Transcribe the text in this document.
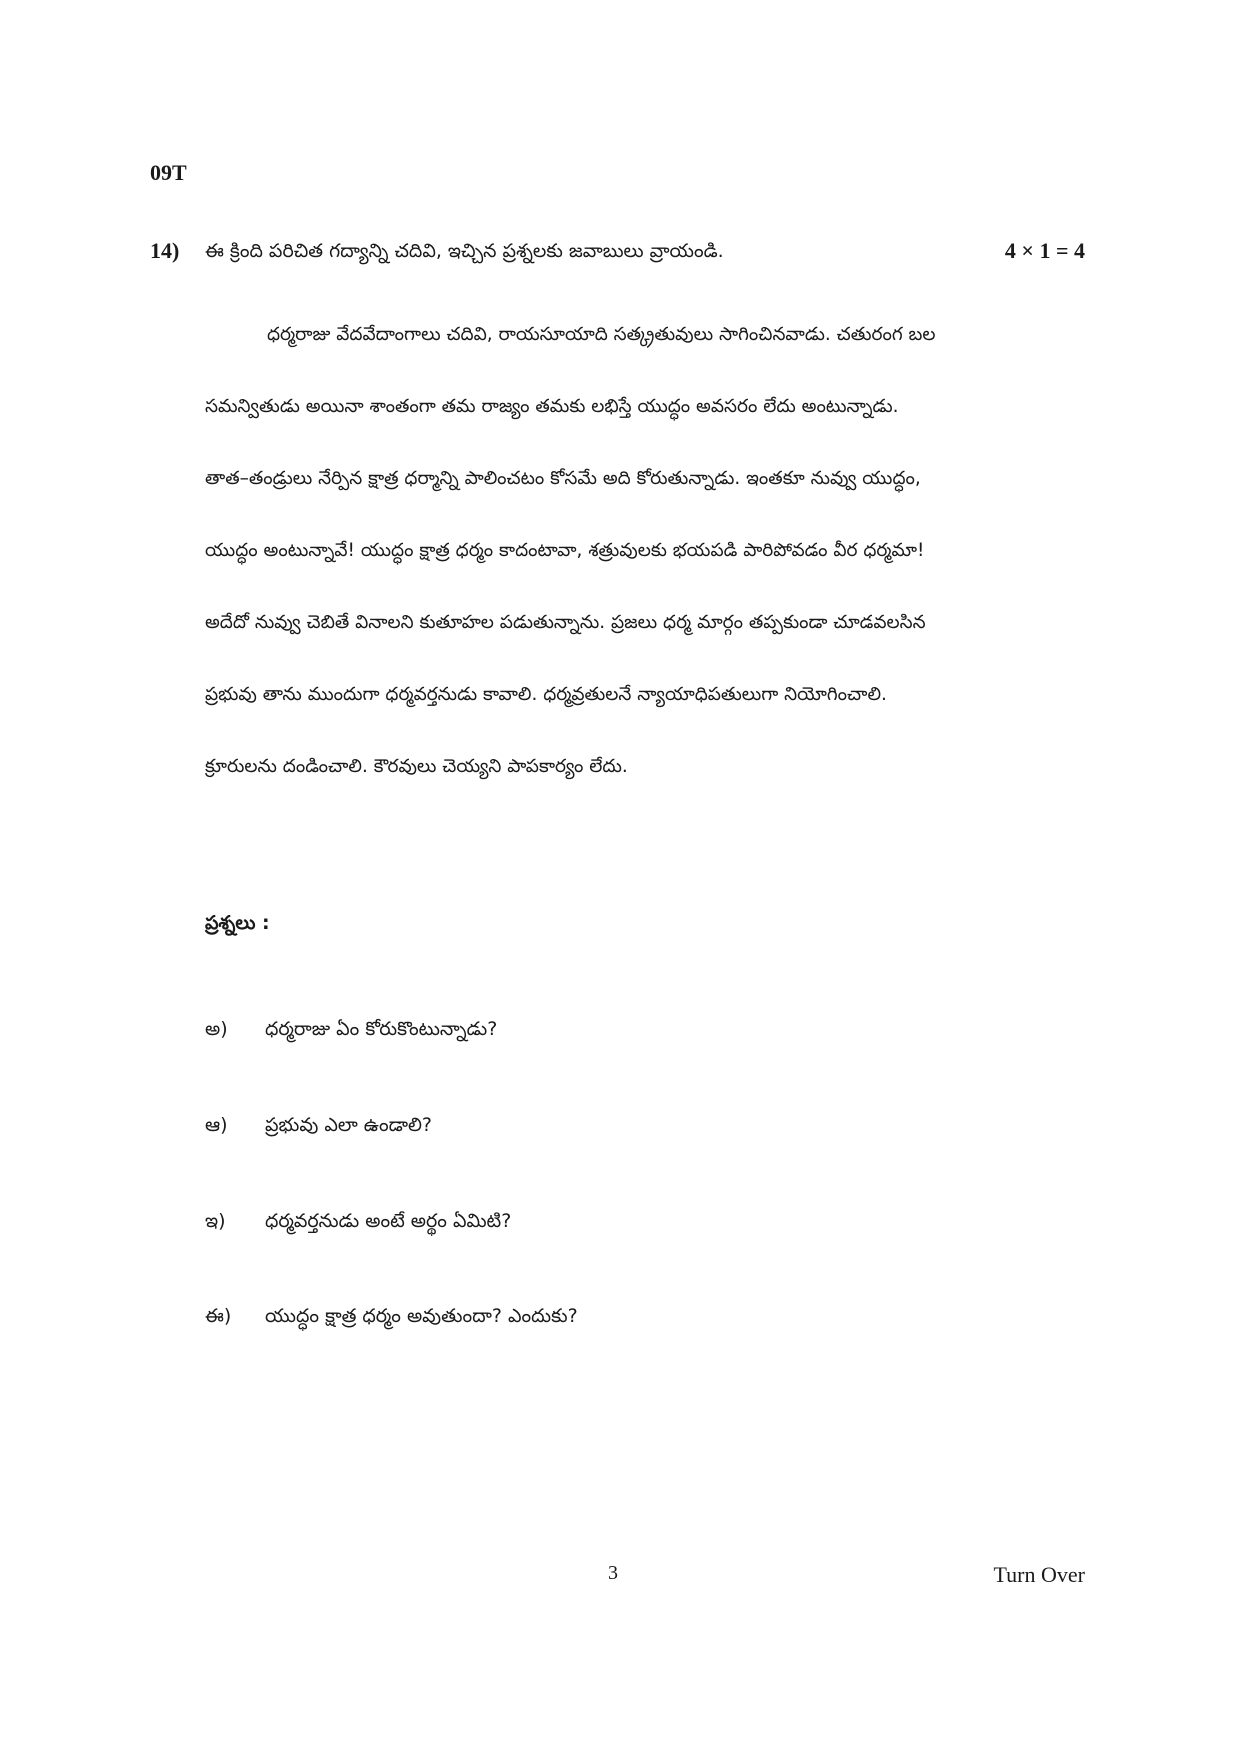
09T
14) ఈ క్రింది పరిచిత గద్యాన్ని చదివి, ఇచ్చిన ప్రశ్నలకు జవాబులు వ్రాయండి.	4 × 1 = 4
ధర్మరాజు వేదవేదాంగాలు చదివి, రాయసూయాది సత్క్రతువులు సాగించినవాడు. చతురంగ బల
సమన్వితుడు అయినా శాంతంగా తమ రాజ్యం తమకు లభిస్తే యుద్ధం అవసరం లేదు అంటున్నాడు.
తాత–తండ్రులు నేర్పిన క్షాత్ర ధర్మాన్ని పాలించటం కోసమే అది కోరుతున్నాడు. ఇంతకూ నువ్వు యుద్ధం,
యుద్ధం అంటున్నావే! యుద్ధం క్షాత్ర ధర్మం కాదంటావా, శత్రువులకు భయపడి పారిపోవడం వీర ధర్మమా!
అదేదో నువ్వు చెబితే వినాలని కుతూహల పడుతున్నాను. ప్రజలు ధర్మ మార్గం తప్పకుండా చూడవలసిన
ప్రభువు తాను ముందుగా ధర్మవర్తనుడు కావాలి. ధర్మవ్రతులనే న్యాయాధిపతులుగా నియోగించాలి.
క్రూరులను దండించాలి. కౌరవులు చెయ్యని పాపకార్యం లేదు.
ప్రశ్నలు :
అ) ధర్మరాజు ఏం కోరుకొంటున్నాడు?
ఆ) ప్రభువు ఎలా ఉండాలి?
ఇ) ధర్మవర్తనుడు అంటే అర్థం ఏమిటి?
ఈ) యుద్ధం క్షాత్ర ధర్మం అవుతుందా? ఎందుకు?
3	Turn Over
